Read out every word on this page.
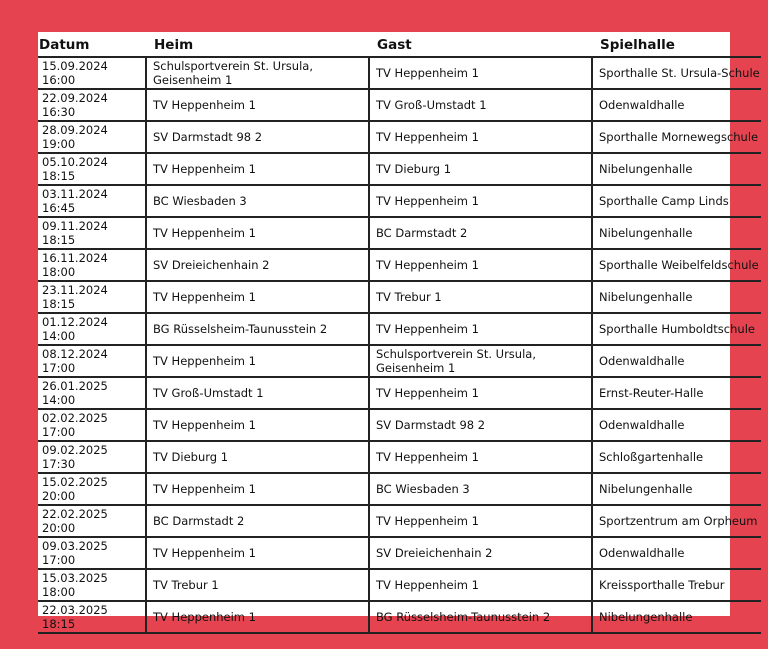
Datum	Heim	Gast	Spielhalle

15.09.2024
16:00	Schulsportverein St. Ursula, Geisenheim 1	TV Heppenheim 1	Sporthalle St. Ursula-Schule

22.09.2024
16:30	TV Heppenheim 1	TV Groß-Umstadt 1	Odenwaldhalle

28.09.2024
19:00	SV Darmstadt 98 2	TV Heppenheim 1	Sporthalle Mornewegschule

05.10.2024
18:15	TV Heppenheim 1	TV Dieburg 1	Nibelungenhalle

03.11.2024
16:45	BC Wiesbaden 3	TV Heppenheim 1	Sporthalle Camp Linds

09.11.2024
18:15	TV Heppenheim 1	BC Darmstadt 2	Nibelungenhalle

16.11.2024
18:00	SV Dreieichenhain 2	TV Heppenheim 1	Sporthalle Weibelfeldschule

23.11.2024
18:15	TV Heppenheim 1	TV Trebur 1	Nibelungenhalle

01.12.2024
14:00	BG Rüsselsheim-Taunusstein 2	TV Heppenheim 1	Sporthalle Humboldtschule

08.12.2024
17:00	TV Heppenheim 1	Schulsportverein St. Ursula, Geisenheim 1	Odenwaldhalle

26.01.2025
14:00	TV Groß-Umstadt 1	TV Heppenheim 1	Ernst-Reuter-Halle

02.02.2025
17:00	TV Heppenheim 1	SV Darmstadt 98 2	Odenwaldhalle

09.02.2025
17:30	TV Dieburg 1	TV Heppenheim 1	Schloßgartenhalle

15.02.2025
20:00	TV Heppenheim 1	BC Wiesbaden 3	Nibelungenhalle

22.02.2025
20:00	BC Darmstadt 2	TV Heppenheim 1	Sportzentrum am Orpheum

09.03.2025
17:00	TV Heppenheim 1	SV Dreieichenhain 2	Odenwaldhalle

15.03.2025
18:00	TV Trebur 1	TV Heppenheim 1	Kreissporthalle Trebur

22.03.2025
18:15	TV Heppenheim 1	BG Rüsselsheim-Taunusstein 2	Nibelungenhalle
